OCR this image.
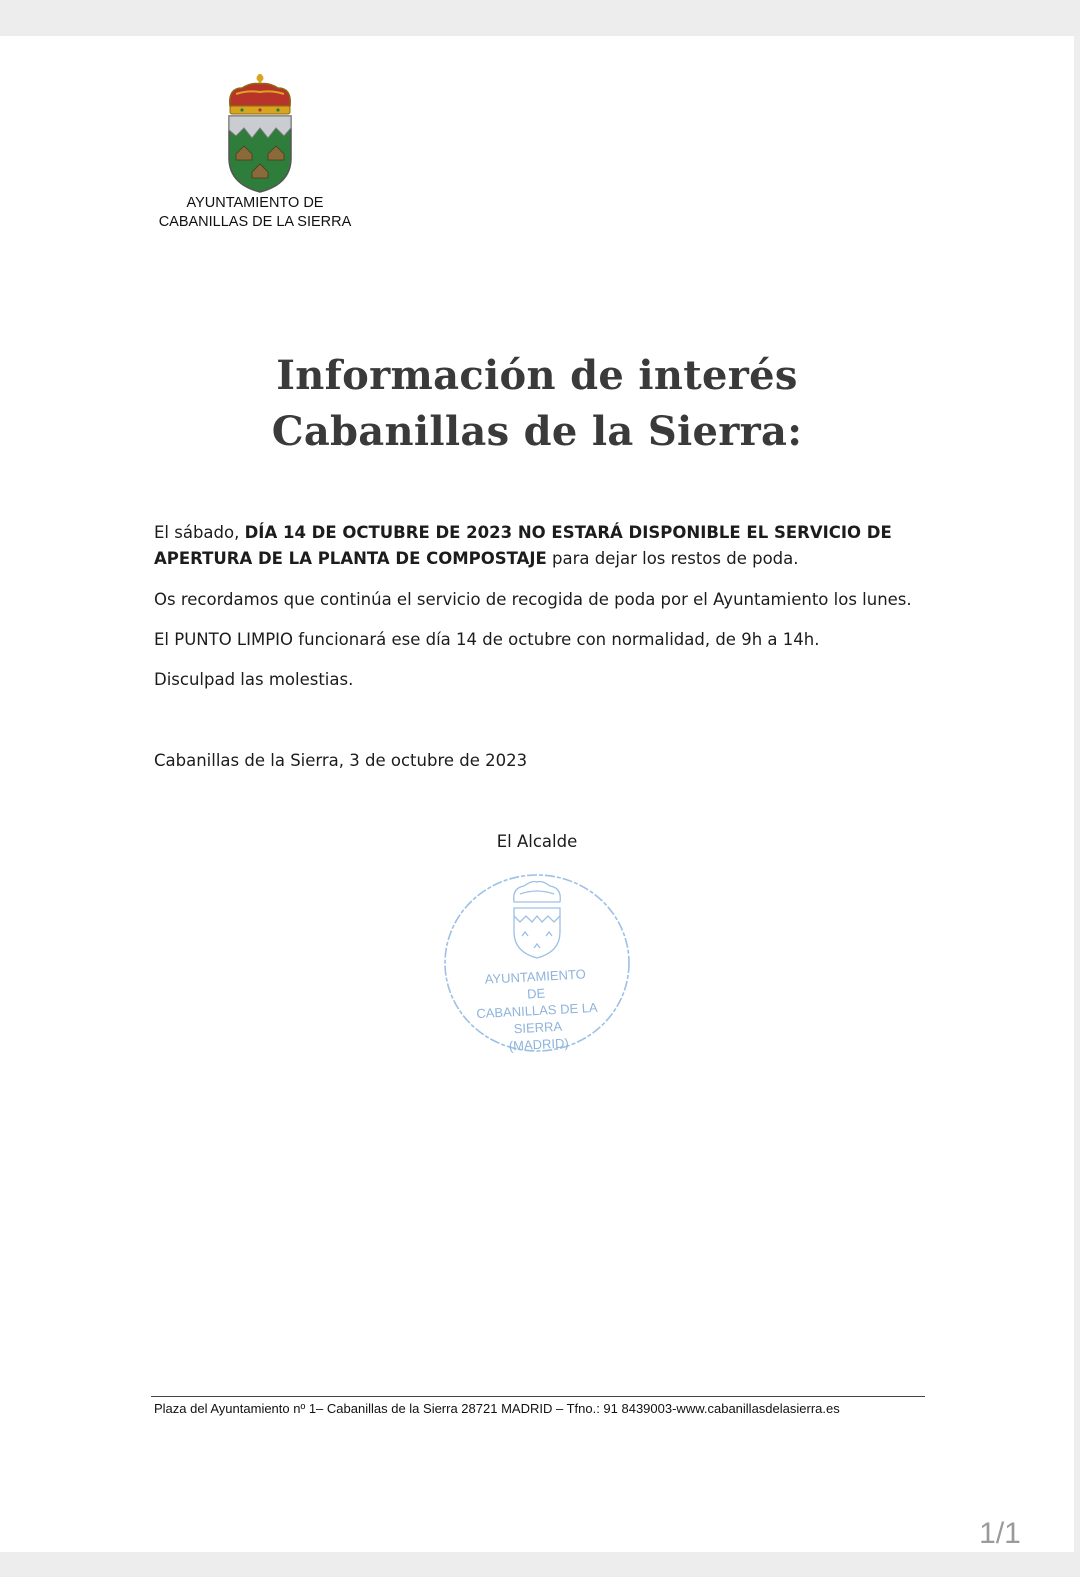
AYUNTAMIENTO DE
CABANILLAS DE LA SIERRA
Información de interés
Cabanillas de la Sierra:

El sábado, DÍA 14 DE OCTUBRE DE 2023 NO ESTARÁ DISPONIBLE EL SERVICIO DE APERTURA DE LA PLANTA DE COMPOSTAJE para dejar los restos de poda.

Os recordamos que continúa el servicio de recogida de poda por el Ayuntamiento los lunes.

El PUNTO LIMPIO funcionará ese día 14 de octubre con normalidad, de 9h a 14h.

Disculpad las molestias.

Cabanillas de la Sierra, 3 de octubre de 2023

El Alcalde
AYUNTAMIENTO
DE
CABANILLAS DE LA SIERRA
(MADRID)
Plaza del Ayuntamiento nº 1– Cabanillas de la Sierra 28721 MADRID – Tfno.: 91 8439003-www.cabanillasdelasierra.es
1/1
